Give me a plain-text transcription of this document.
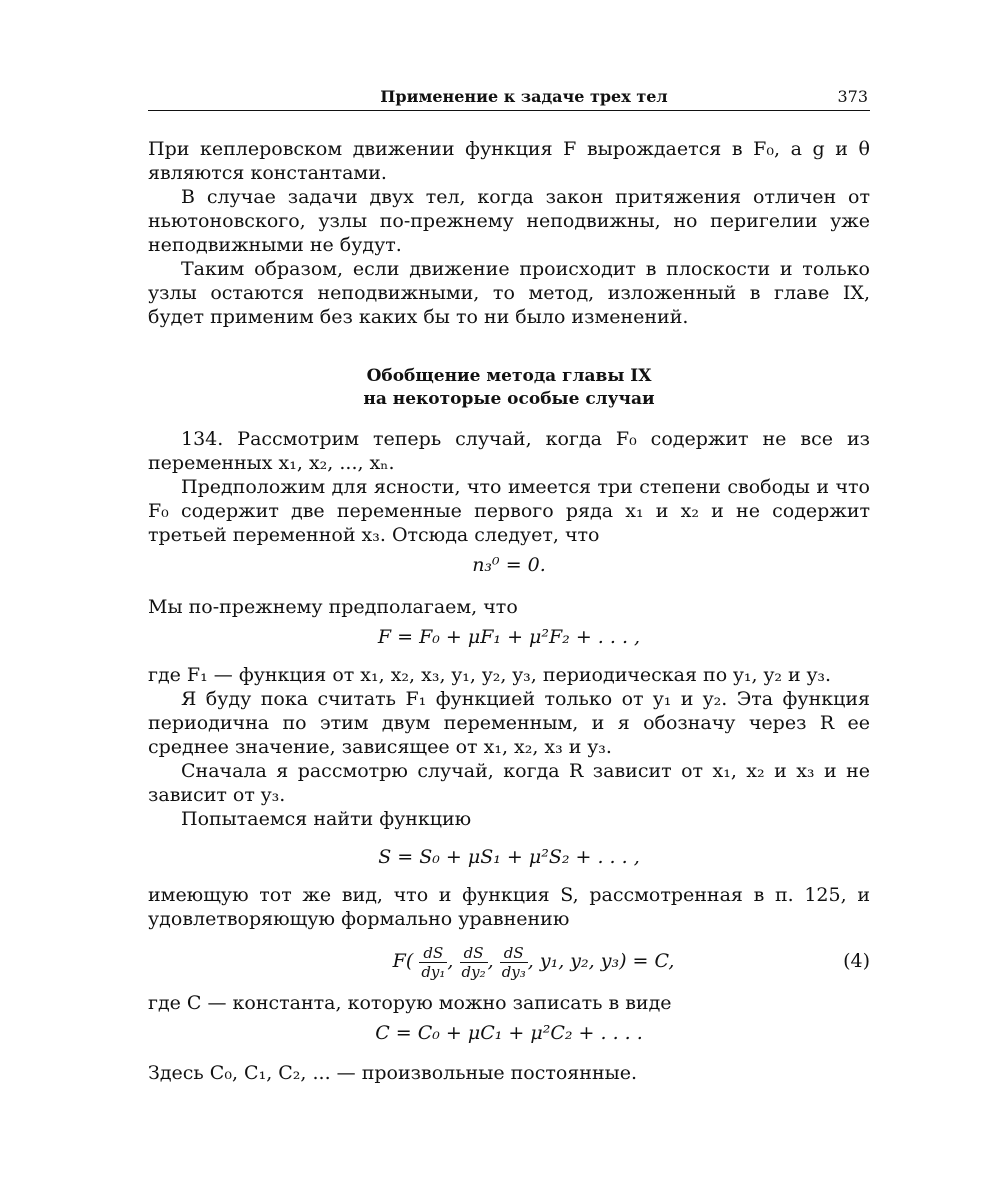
Применение к задаче трех тел	373

При кеплеровском движении функция F вырождается в F₀, а g и θ являются константами.

В случае задачи двух тел, когда закон притяжения отличен от ньютоновского, узлы по-прежнему неподвижны, но перигелии уже неподвижными не будут.

Таким образом, если движение происходит в плоскости и только узлы остаются неподвижными, то метод, изложенный в главе IX, будет применим без каких бы то ни было изменений.

Обобщение метода главы IX

на некоторые особые случаи

134. Рассмотрим теперь случай, когда F₀ содержит не все из переменных x₁, x₂, ..., xₙ.

Предположим для ясности, что имеется три степени свободы и что F₀ содержит две переменные первого ряда x₁ и x₂ и не содержит третьей переменной x₃. Отсюда следует, что

n₃⁰ = 0.

Мы по-прежнему предполагаем, что

F = F₀ + μF₁ + μ²F₂ + . . . ,

где F₁ — функция от x₁, x₂, x₃, y₁, y₂, y₃, периодическая по y₁, y₂ и y₃.

Я буду пока считать F₁ функцией только от y₁ и y₂. Эта функция периодична по этим двум переменным, и я обозначу через R ее среднее значение, зависящее от x₁, x₂, x₃ и y₃.

Сначала я рассмотрю случай, когда R зависит от x₁, x₂ и x₃ и не зависит от y₃.

Попытаемся найти функцию

S = S₀ + μS₁ + μ²S₂ + . . . ,

имеющую тот же вид, что и функция S, рассмотренная в п. 125, и удовлетворяющую формально уравнению

(4)
$F( \frac{dS}{\text{dy₁}}$ , $\frac{dS}{\text{dy₂}}$ , $\frac{dS}{\text{dy₃}}$ , y₁, y₂, y₃) = C,

где C — константа, которую можно записать в виде

C = C₀ + μC₁ + μ²C₂ + . . . .

Здесь C₀, C₁, C₂, ... — произвольные постоянные.
